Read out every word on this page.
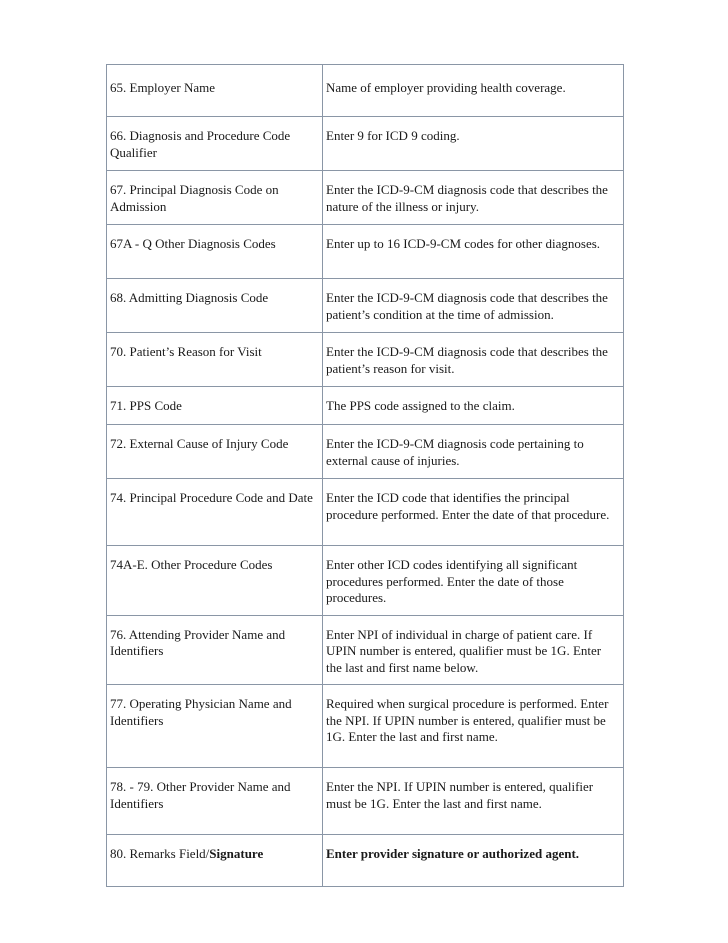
65. Employer Name	Name of employer providing health coverage.
66. Diagnosis and Procedure Code Qualifier	Enter 9 for ICD 9 coding.
67. Principal Diagnosis Code on Admission	Enter the ICD-9-CM diagnosis code that describes the nature of the illness or injury.
67A - Q Other Diagnosis Codes	Enter up to 16 ICD-9-CM codes for other diagnoses.
68. Admitting Diagnosis Code	Enter the ICD-9-CM diagnosis code that describes the patient’s condition at the time of admission.
70. Patient’s Reason for Visit	Enter the ICD-9-CM diagnosis code that describes the patient’s reason for visit.
71. PPS Code	The PPS code assigned to the claim.
72. External Cause of Injury Code	Enter the ICD-9-CM diagnosis code pertaining to external cause of injuries.
74. Principal Procedure Code and Date	Enter the ICD code that identifies the principal procedure performed. Enter the date of that procedure.
74A-E. Other Procedure Codes	Enter other ICD codes identifying all significant procedures performed. Enter the date of those procedures.
76. Attending Provider Name and Identifiers	Enter NPI of individual in charge of patient care. If UPIN number is entered, qualifier must be 1G. Enter the last and first name below.
77. Operating Physician Name and Identifiers	Required when surgical procedure is performed. Enter the NPI. If UPIN number is entered, qualifier must be 1G. Enter the last and first name.
78. - 79. Other Provider Name and Identifiers	Enter the NPI. If UPIN number is entered, qualifier must be 1G. Enter the last and first name.
80. Remarks Field/Signature	Enter provider signature or authorized agent.
